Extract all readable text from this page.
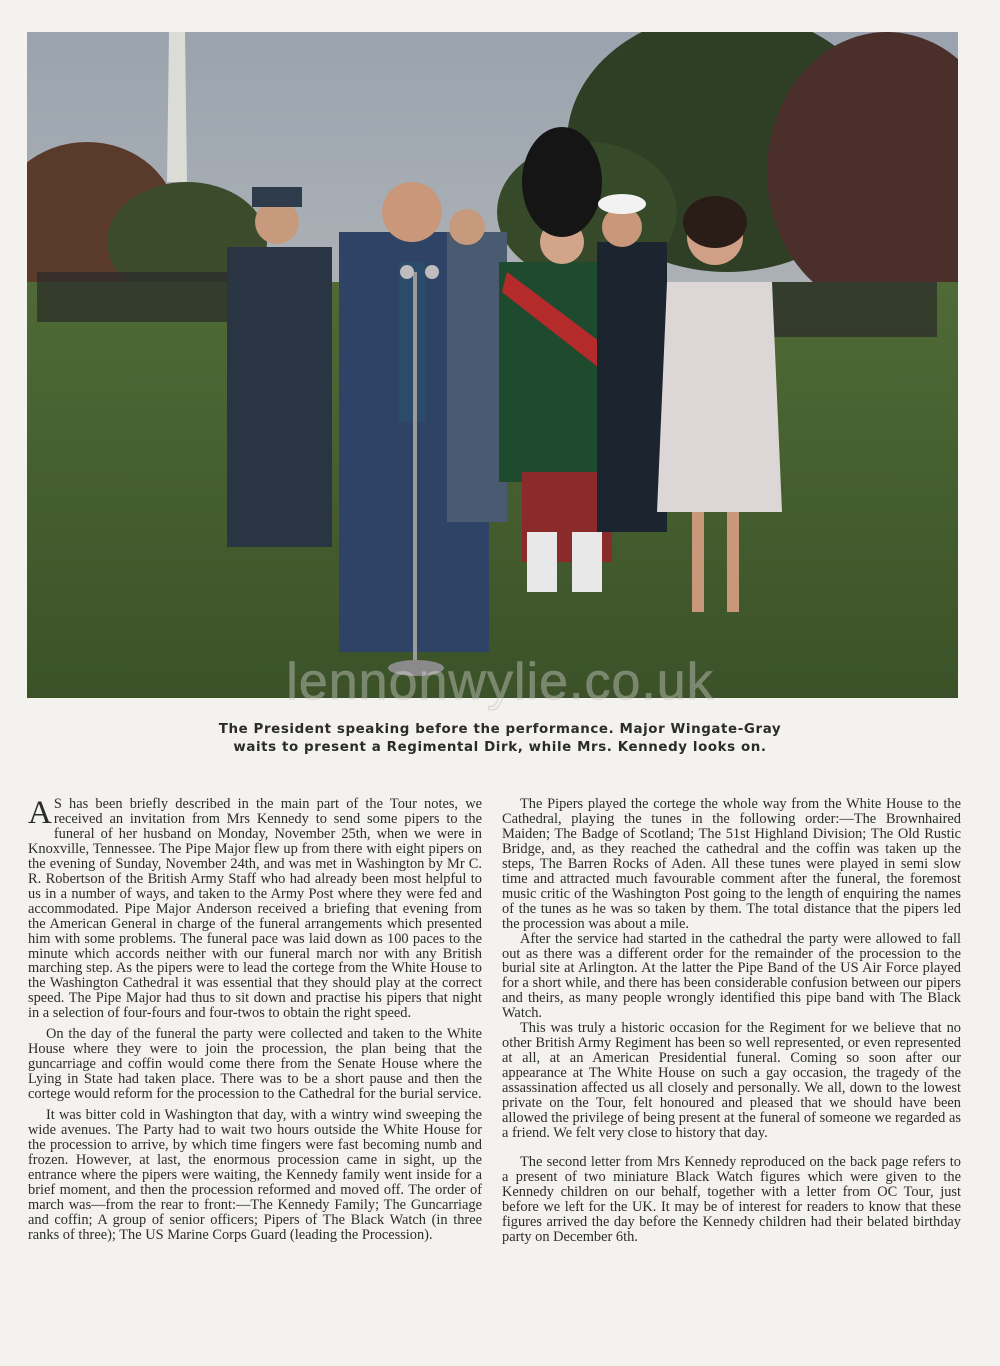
lennonwylie.co.uk
The President speaking before the performance. Major Wingate-Gray
waits to present a Regimental Dirk, while Mrs. Kennedy looks on.

A S has been briefly described in the main part of the Tour notes, we received an invitation from Mrs Kennedy to send some pipers to the funeral of her husband on Monday, November 25th, when we were in Knoxville, Tennessee. The Pipe Major flew up from there with eight pipers on the evening of Sunday, November 24th, and was met in Washington by Mr C. R. Robertson of the British Army Staff who had already been most helpful to us in a number of ways, and taken to the Army Post where they were fed and accommodated. Pipe Major Anderson received a briefing that evening from the American General in charge of the funeral arrangements which presented him with some problems. The funeral pace was laid down as 100 paces to the minute which accords neither with our funeral march nor with any British marching step. As the pipers were to lead the cortege from the White House to the Washington Cathedral it was essential that they should play at the correct speed. The Pipe Major had thus to sit down and practise his pipers that night in a selection of four-fours and four-twos to obtain the right speed.

On the day of the funeral the party were collected and taken to the White House where they were to join the procession, the plan being that the guncarriage and coffin would come there from the Senate House where the Lying in State had taken place. There was to be a short pause and then the cortege would reform for the procession to the Cathedral for the burial service.

It was bitter cold in Washington that day, with a wintry wind sweeping the wide avenues. The Party had to wait two hours outside the White House for the procession to arrive, by which time fingers were fast becoming numb and frozen. However, at last, the enormous procession came in sight, up the entrance where the pipers were waiting, the Kennedy family went inside for a brief moment, and then the procession reformed and moved off. The order of march was—from the rear to front:—The Kennedy Family; The Guncarriage and coffin; A group of senior officers; Pipers of The Black Watch (in three ranks of three); The US Marine Corps Guard (leading the Procession).

The Pipers played the cortege the whole way from the White House to the Cathedral, playing the tunes in the following order:—The Brownhaired Maiden; The Badge of Scotland; The 51st Highland Division; The Old Rustic Bridge, and, as they reached the cathedral and the coffin was taken up the steps, The Barren Rocks of Aden. All these tunes were played in semi slow time and attracted much favourable comment after the funeral, the foremost music critic of the Washington Post going to the length of enquiring the names of the tunes as he was so taken by them. The total distance that the pipers led the procession was about a mile.

After the service had started in the cathedral the party were allowed to fall out as there was a different order for the remainder of the procession to the burial site at Arlington. At the latter the Pipe Band of the US Air Force played for a short while, and there has been considerable confusion between our pipers and theirs, as many people wrongly identified this pipe band with The Black Watch.

This was truly a historic occasion for the Regiment for we believe that no other British Army Regiment has been so well represented, or even represented at all, at an American Presidential funeral. Coming so soon after our appearance at The White House on such a gay occasion, the tragedy of the assassination affected us all closely and personally. We all, down to the lowest private on the Tour, felt honoured and pleased that we should have been allowed the privilege of being present at the funeral of someone we regarded as a friend. We felt very close to history that day.

The second letter from Mrs Kennedy reproduced on the back page refers to a present of two miniature Black Watch figures which were given to the Kennedy children on our behalf, together with a letter from OC Tour, just before we left for the UK. It may be of interest for readers to know that these figures arrived the day before the Kennedy children had their belated birthday party on December 6th.
